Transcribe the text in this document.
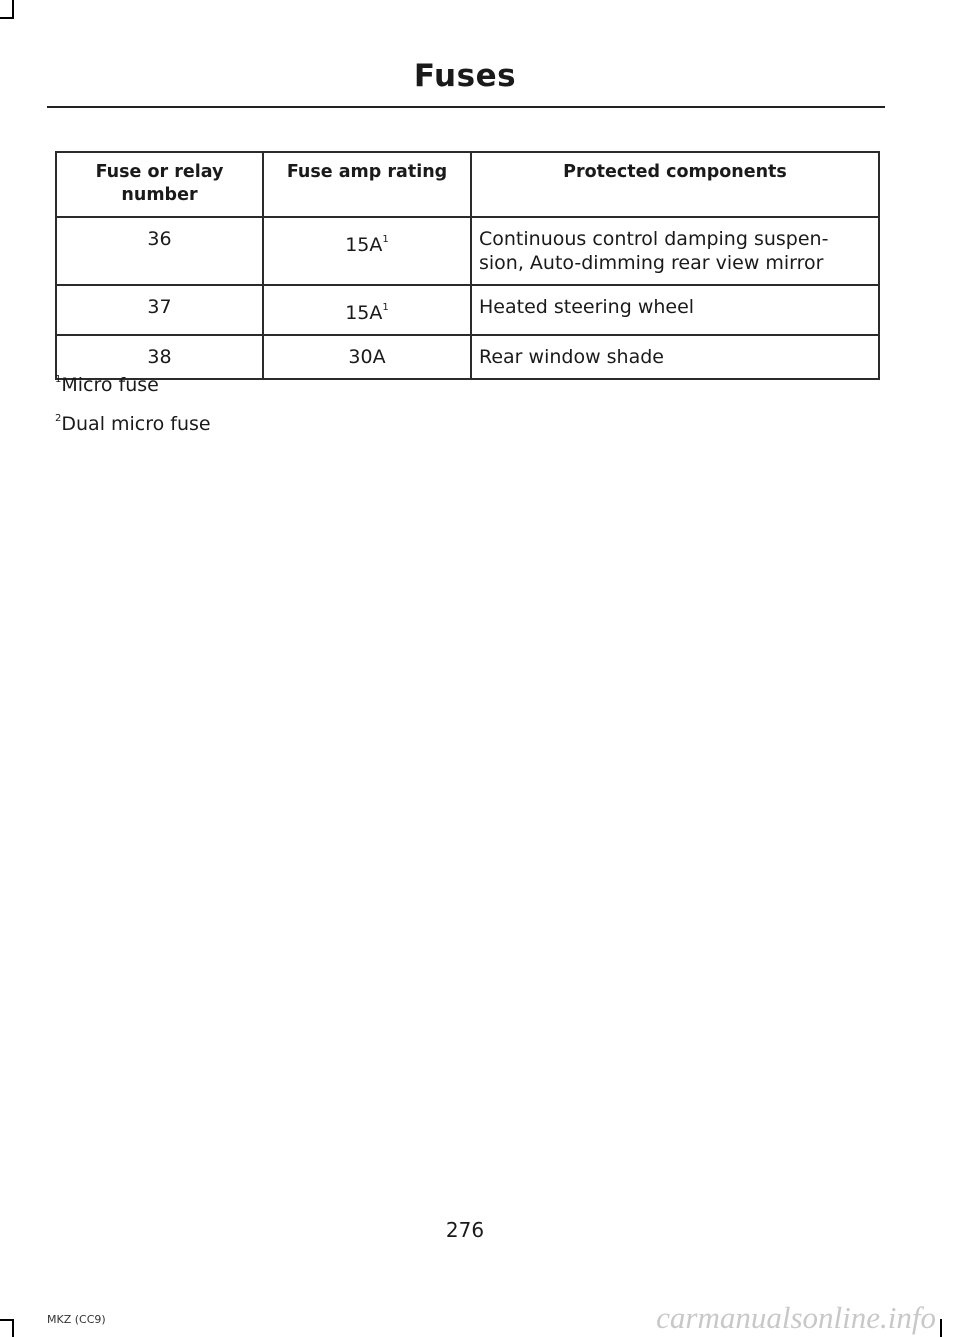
Fuses
Fuse or relay number	Fuse amp rating	Protected components
36	$15A^1$	Continuous control damping suspen-sion, Auto-dimming rear view mirror
37	$15A^1$	Heated steering wheel
38	30A	Rear window shade
$^1$Micro fuse
$^2$Dual micro fuse
276
MKZ (CC9)	carmanualsonline.info
